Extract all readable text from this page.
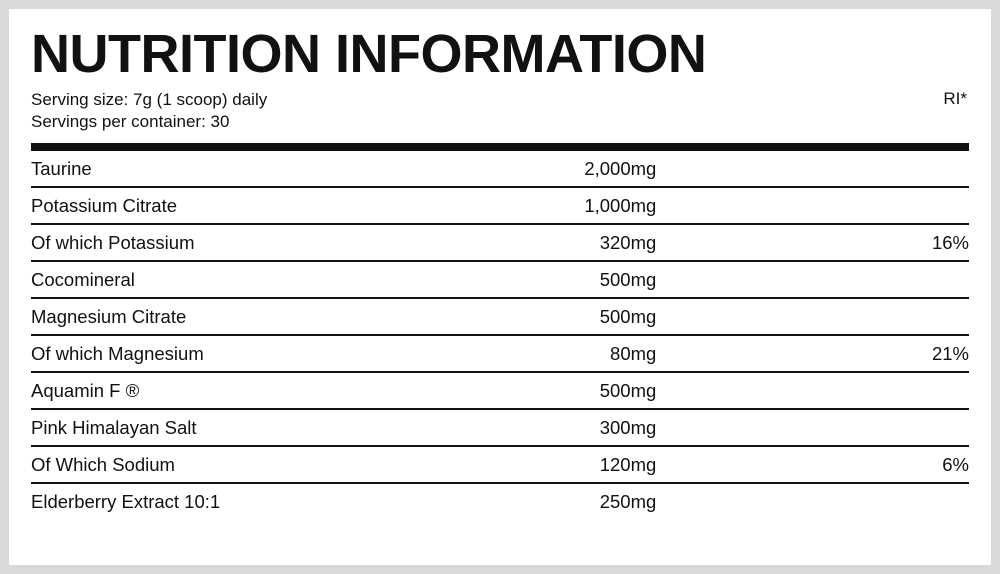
NUTRITION INFORMATION
Serving size: 7g (1 scoop) daily
Servings per container: 30
RI*

Taurine	2,000mg	
Potassium Citrate	1,000mg	
Of which Potassium	320mg	16%
Cocomineral	500mg	
Magnesium Citrate	500mg	
Of which Magnesium	80mg	21%
Aquamin F ®	500mg	
Pink Himalayan Salt	300mg	
Of Which Sodium	120mg	6%
Elderberry Extract 10:1	250mg	
